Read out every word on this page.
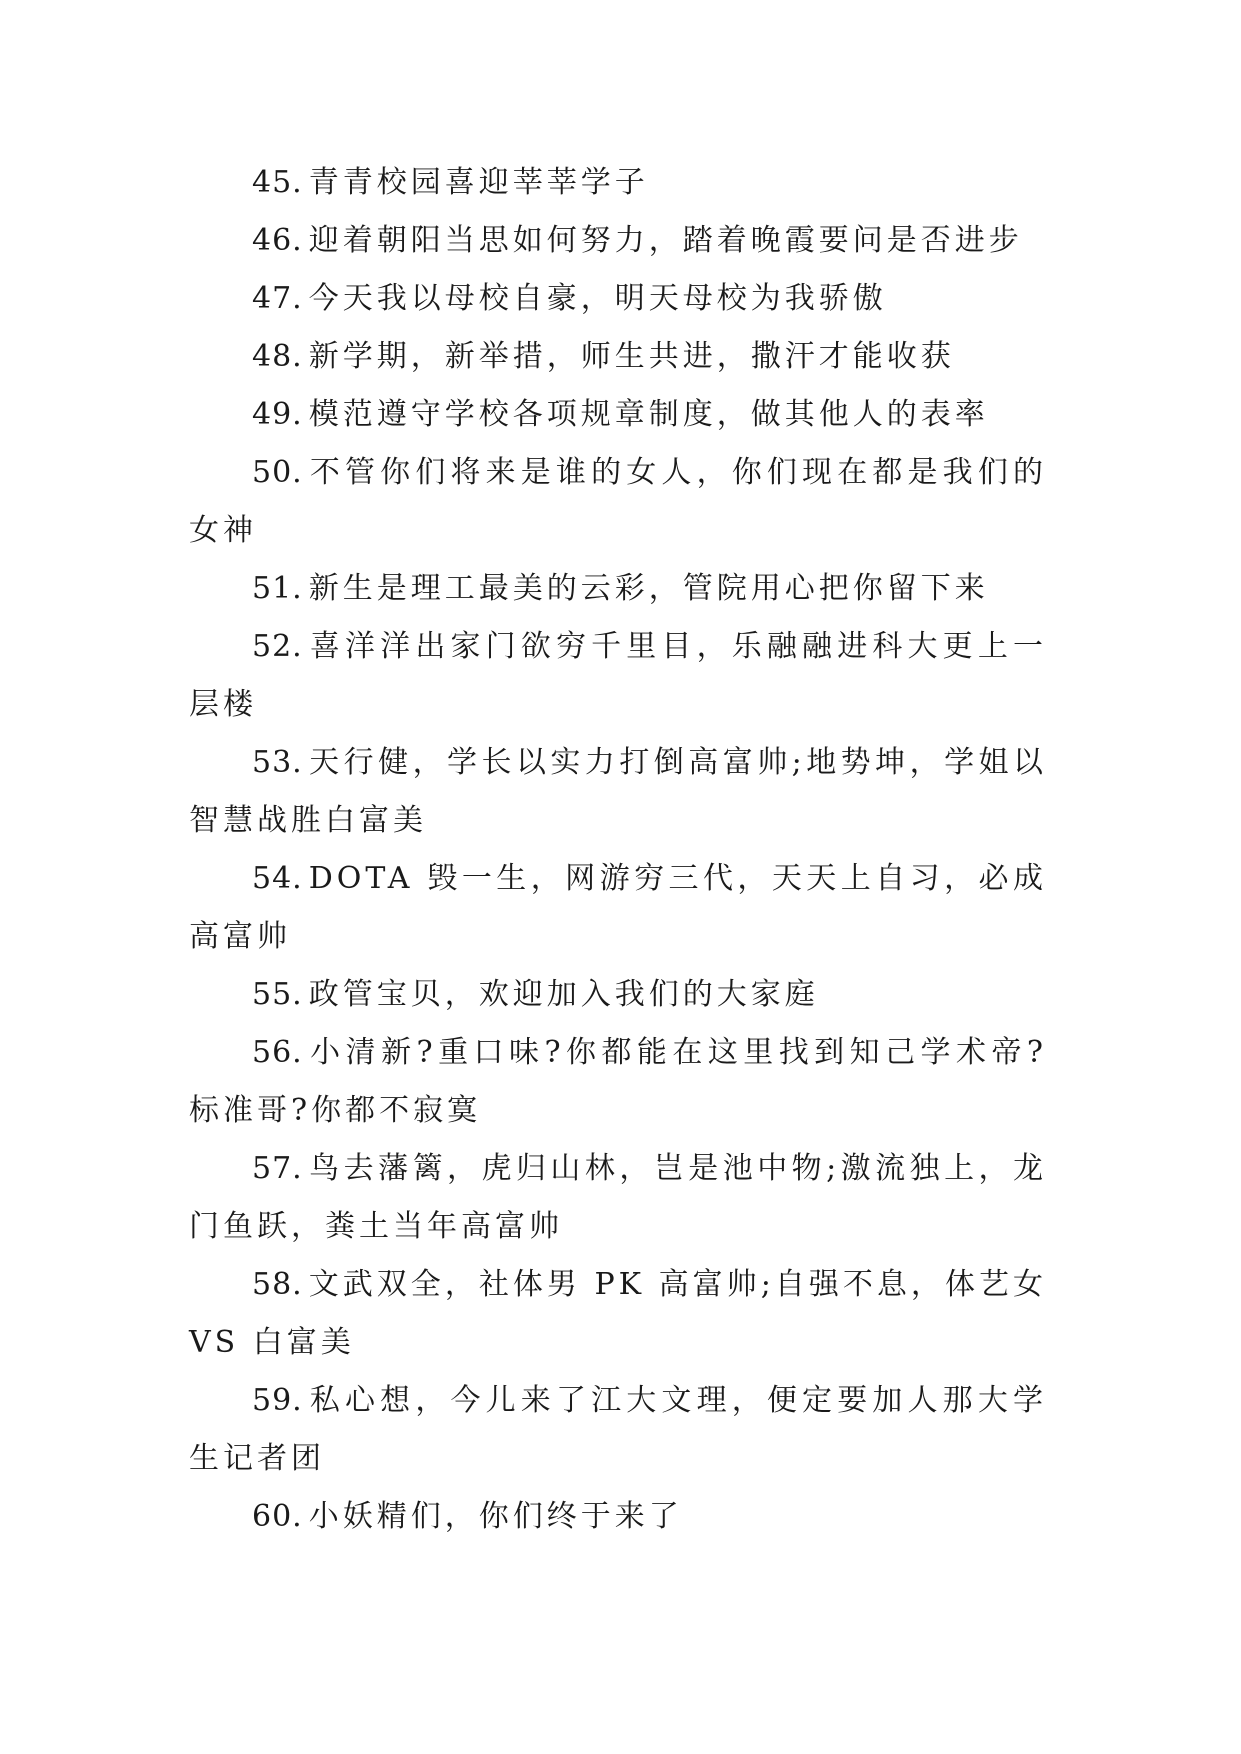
45. 青青校园喜迎莘莘学子

46. 迎着朝阳当思如何努力，踏着晚霞要问是否进步

47. 今天我以母校自豪，明天母校为我骄傲

48. 新学期，新举措，师生共进，撒汗才能收获

49. 模范遵守学校各项规章制度，做其他人的表率

50. 不管你们将来是谁的女人，你们现在都是我们的女神

51. 新生是理工最美的云彩，管院用心把你留下来

52. 喜洋洋出家门欲穷千里目，乐融融进科大更上一层楼

53. 天行健，学长以实力打倒高富帅;地势坤，学姐以智慧战胜白富美

54. DOTA 毁一生，网游穷三代，天天上自习，必成高富帅

55. 政管宝贝，欢迎加入我们的大家庭

56. 小清新?重口味?你都能在这里找到知己学术帝?标准哥?你都不寂寞

57. 鸟去藩篱，虎归山林，岂是池中物;激流独上，龙门鱼跃，粪土当年高富帅

58. 文武双全，社体男 PK 高富帅;自强不息，体艺女 VS 白富美

59. 私心想，今儿来了江大文理，便定要加人那大学生记者团

60. 小妖精们，你们终于来了
